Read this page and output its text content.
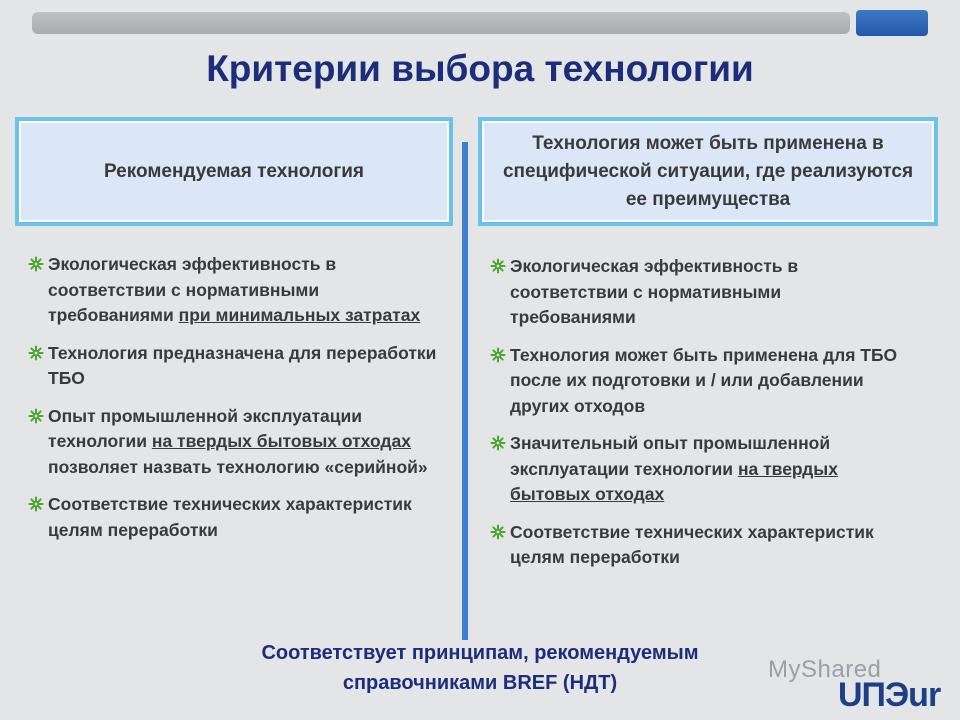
Критерии выбора технологии
Рекомендуемая технология
Технология может быть применена в специфической ситуации, где реализуются ее преимущества
Экологическая эффективность в соответствии с нормативными требованиями при минимальных затратах
Технология предназначена для переработки ТБО
Опыт промышленной эксплуатации технологии на твердых бытовых отходах позволяет назвать технологию «серийной»
Соответствие технических характеристик целям переработки
Экологическая эффективность в соответствии с нормативными требованиями
Технология может быть применена для ТБО после их подготовки и / или добавлении других отходов
Значительный опыт промышленной эксплуатации технологии на твердых бытовых отходах
Соответствие технических характеристик целям переработки
Соответствует принципам, рекомендуемым
справочниками BREF (НДТ)	MyShared
UПЭur
